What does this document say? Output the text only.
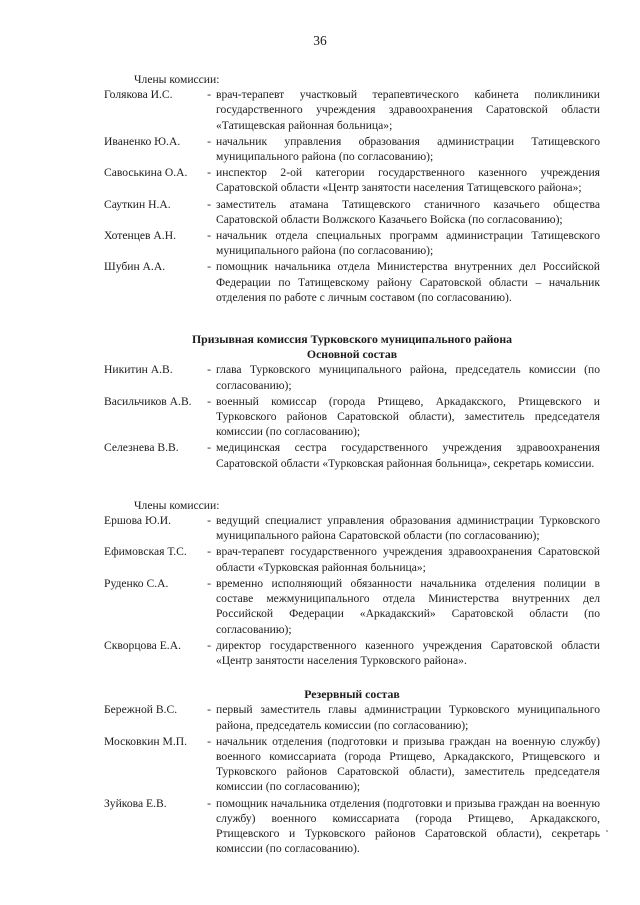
36
Члены комиссии:
Голякова И.С.	- врач-терапевт участковый терапевтического кабинета поликлиники государственного учреждения здравоохранения Саратовской области «Татищевская районная больница»;
Иваненко Ю.А.	- начальник управления образования администрации Татищевского муниципального района (по согласованию);
Савоськина О.А.	- инспектор 2-ой категории государственного казенного учреждения Саратовской области «Центр занятости населения Татищевского района»;
Сауткин Н.А.	- заместитель атамана Татищевского станичного казачьего общества Саратовской области Волжского Казачьего Войска (по согласованию);
Хотенцев А.Н.	- начальник отдела специальных программ администрации Татищевского муниципального района (по согласованию);
Шубин А.А.	- помощник начальника отдела Министерства внутренних дел Российской Федерации по Татищевскому району Саратовской области – начальник отделения по работе с личным составом (по согласованию).
Призывная комиссия Турковского муниципального района
Основной состав
Никитин А.В.	- глава Турковского муниципального района, председатель комиссии (по согласованию);
Васильчиков А.В.	- военный комиссар (города Ртищево, Аркадакского, Ртищевского и Турковского районов Саратовской области), заместитель председателя комиссии (по согласованию);
Селезнева В.В.	- медицинская сестра государственного учреждения здравоохранения Саратовской области «Турковская районная больница», секретарь комиссии.
Члены комиссии:
Ершова Ю.И.	- ведущий специалист управления образования администрации Турковского муниципального района Саратовской области (по согласованию);
Ефимовская Т.С.	- врач-терапевт государственного учреждения здравоохранения Саратовской области «Турковская районная больница»;
Руденко С.А.	- временно исполняющий обязанности начальника отделения полиции в составе межмуниципального отдела Министерства внутренних дел Российской Федерации «Аркадакский» Саратовской области (по согласованию);
Скворцова Е.А.	- директор государственного казенного учреждения Саратовской области «Центр занятости населения Турковского района».
Резервный состав
Бережной В.С.	- первый заместитель главы администрации Турковского муниципального района, председатель комиссии (по согласованию);
Московкин М.П.	- начальник отделения (подготовки и призыва граждан на военную службу) военного комиссариата (города Ртищево, Аркадакского, Ртищевского и Турковского районов Саратовской области), заместитель председателя комиссии (по согласованию);
Зуйкова Е.В.	- помощник начальника отделения (подготовки и призыва граждан на военную службу) военного комиссариата (города Ртищево, Аркадакского, Ртищевского и Турковского районов Саратовской области), секретарь комиссии (по согласованию).
